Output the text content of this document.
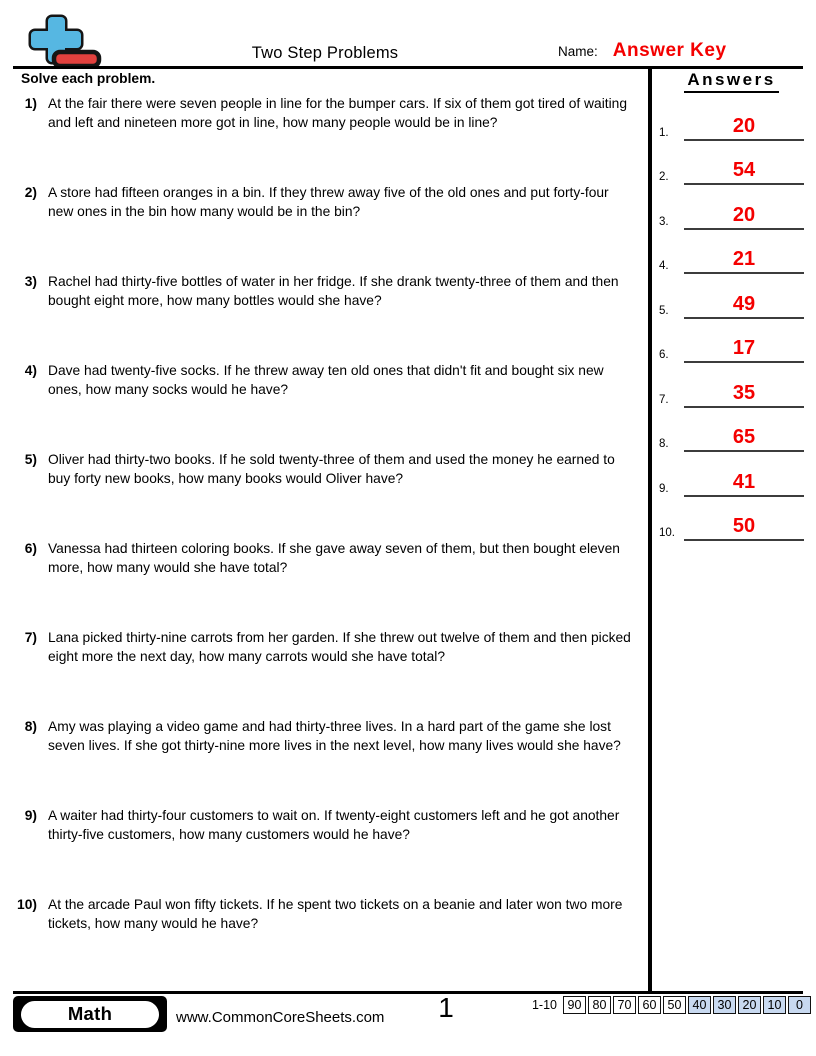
Two Step Problems	Name: Answer Key
Solve each problem.
1) At the fair there were seven people in line for the bumper cars. If six of them got tired of waiting and left and nineteen more got in line, how many people would be in line?
2) A store had fifteen oranges in a bin. If they threw away five of the old ones and put forty-four new ones in the bin how many would be in the bin?
3) Rachel had thirty-five bottles of water in her fridge. If she drank twenty-three of them and then bought eight more, how many bottles would she have?
4) Dave had twenty-five socks. If he threw away ten old ones that didn't fit and bought six new ones, how many socks would he have?
5) Oliver had thirty-two books. If he sold twenty-three of them and used the money he earned to buy forty new books, how many books would Oliver have?
6) Vanessa had thirteen coloring books. If she gave away seven of them, but then bought eleven more, how many would she have total?
7) Lana picked thirty-nine carrots from her garden. If she threw out twelve of them and then picked eight more the next day, how many carrots would she have total?
8) Amy was playing a video game and had thirty-three lives. In a hard part of the game she lost seven lives. If she got thirty-nine more lives in the next level, how many lives would she have?
9) A waiter had thirty-four customers to wait on. If twenty-eight customers left and he got another thirty-five customers, how many customers would he have?
10) At the arcade Paul won fifty tickets. If he spent two tickets on a beanie and later won two more tickets, how many would he have?
Answers
1.	20
2.	54
3.	20
4.	21
5.	49
6.	17
7.	35
8.	65
9.	41
10.	50
Math	www.CommonCoreSheets.com	1	1-10 90 80 70 60 50 40 30 20 10 0
